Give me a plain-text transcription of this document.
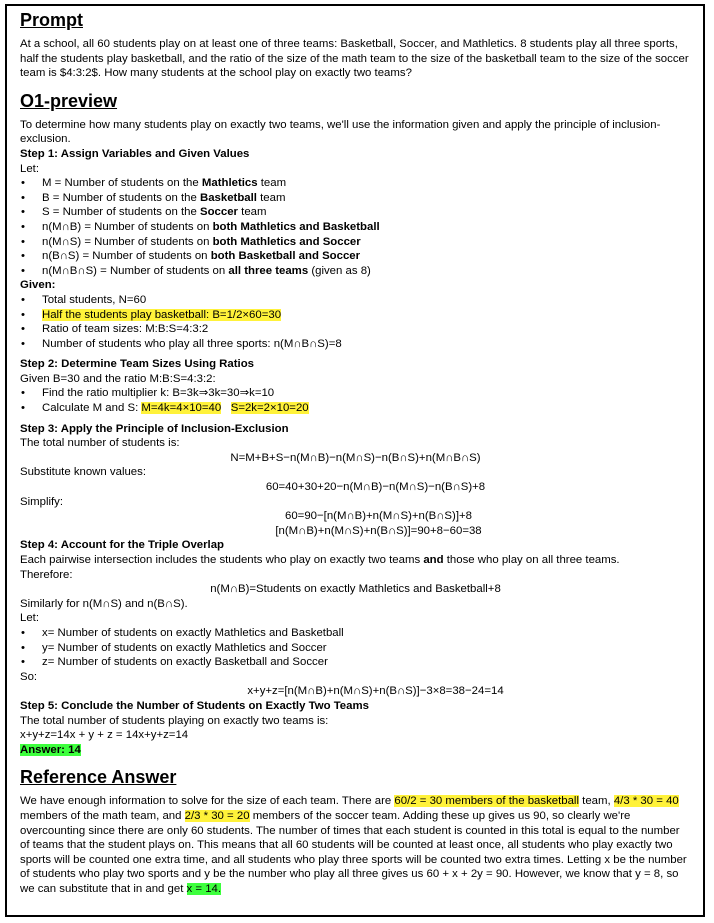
Prompt

At a school, all 60 students play on at least one of three teams: Basketball, Soccer, and Mathletics. 8 students play all three sports, half the students play basketball, and the ratio of the size of the math team to the size of the basketball team to the size of the soccer team is $4:3:2$. How many students at the school play on exactly two teams?

O1-preview

To determine how many students play on exactly two teams, we'll use the information given and apply the principle of inclusion-exclusion.

Step 1: Assign Variables and Given Values

Let:

• M = Number of students on the Mathletics team
• B = Number of students on the Basketball team
• S = Number of students on the Soccer team
• n(M∩B) = Number of students on both Mathletics and Basketball
• n(M∩S) = Number of students on both Mathletics and Soccer
• n(B∩S) = Number of students on both Basketball and Soccer
• n(M∩B∩S) = Number of students on all three teams (given as 8)

Given:

• Total students, N=60
• Half the students play basketball: B=1/2×60=30
• Ratio of team sizes: M:B:S=4:3:2
• Number of students who play all three sports: n(M∩B∩S)=8

Step 2: Determine Team Sizes Using Ratios

Given B=30 and the ratio M:B:S=4:3:2:

• Find the ratio multiplier k: B=3k⇒3k=30⇒k=10
• Calculate M and S: M=4k=4×10=40 S=2k=2×10=20

Step 3: Apply the Principle of Inclusion-Exclusion

The total number of students is:

N=M+B+S−n(M∩B)−n(M∩S)−n(B∩S)+n(M∩B∩S)

Substitute known values:

60=40+30+20−n(M∩B)−n(M∩S)−n(B∩S)+8

Simplify:

60=90−[n(M∩B)+n(M∩S)+n(B∩S)]+8

[n(M∩B)+n(M∩S)+n(B∩S)]=90+8−60=38

Step 4: Account for the Triple Overlap

Each pairwise intersection includes the students who play on exactly two teams and those who play on all three teams.

Therefore:

n(M∩B)=Students on exactly Mathletics and Basketball+8

Similarly for n(M∩S) and n(B∩S).

Let:

• x= Number of students on exactly Mathletics and Basketball
• y= Number of students on exactly Mathletics and Soccer
• z= Number of students on exactly Basketball and Soccer

So:

x+y+z=[n(M∩B)+n(M∩S)+n(B∩S)]−3×8=38−24=14

Step 5: Conclude the Number of Students on Exactly Two Teams

The total number of students playing on exactly two teams is:

x+y+z=14x + y + z = 14x+y+z=14

Answer: 14

Reference Answer

We have enough information to solve for the size of each team. There are 60/2 = 30 members of the basketball team, 4/3 * 30 = 40 members of the math team, and 2/3 * 30 = 20 members of the soccer team. Adding these up gives us 90, so clearly we're overcounting since there are only 60 students. The number of times that each student is counted in this total is equal to the number of teams that the student plays on. This means that all 60 students will be counted at least once, all students who play exactly two sports will be counted one extra time, and all students who play three sports will be counted two extra times. Letting x be the number of students who play two sports and y be the number who play all three gives us 60 + x + 2y = 90. However, we know that y = 8, so we can substitute that in and get x = 14.
